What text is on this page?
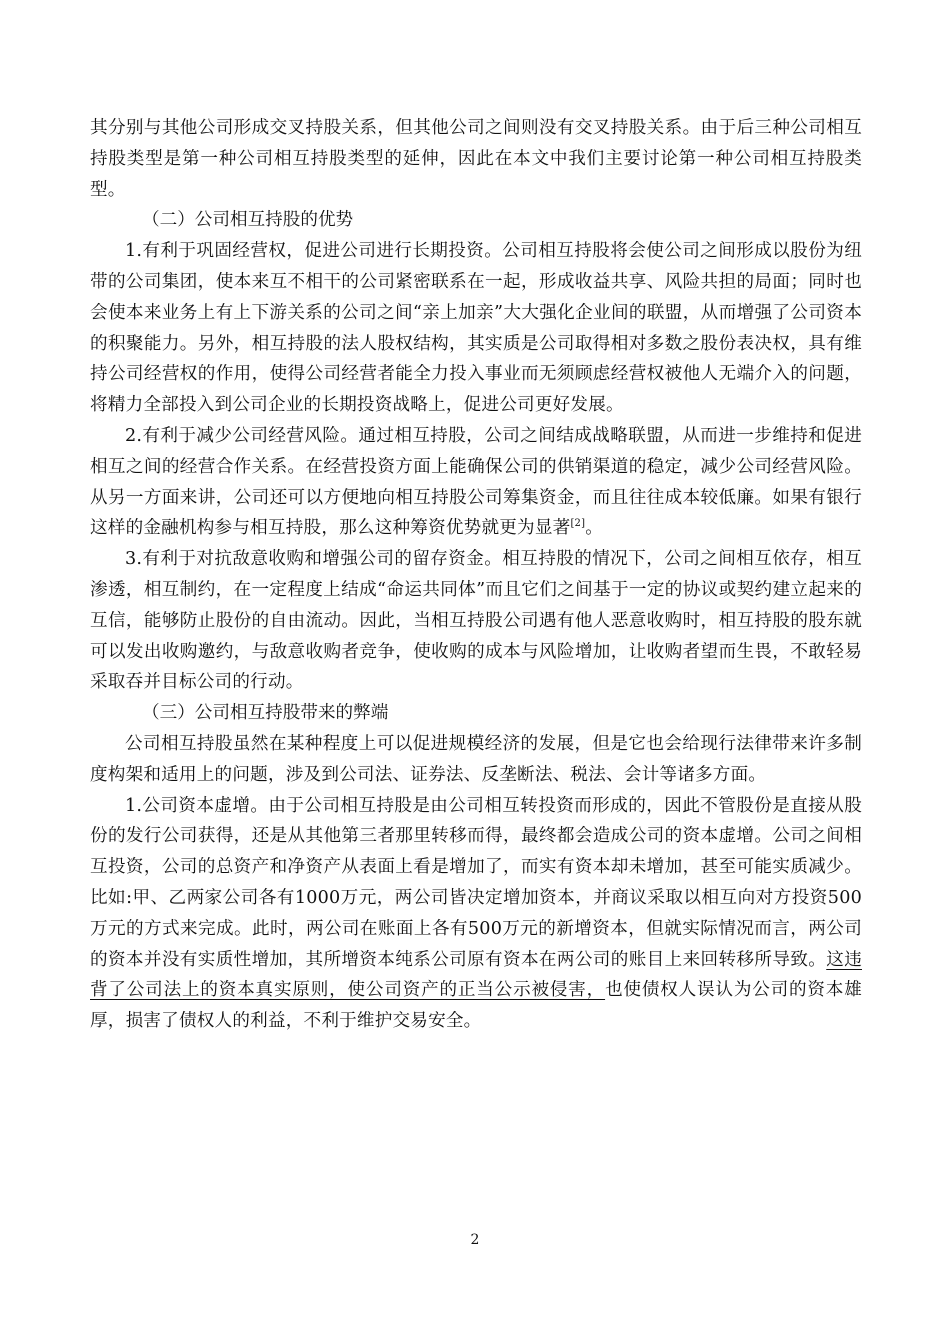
其分别与其他公司形成交叉持股关系，但其他公司之间则没有交叉持股关系。由于后三种公司相互持股类型是第一种公司相互持股类型的延伸，因此在本文中我们主要讨论第一种公司相互持股类型。

（二）公司相互持股的优势

1.有利于巩固经营权，促进公司进行长期投资。公司相互持股将会使公司之间形成以股份为纽带的公司集团，使本来互不相干的公司紧密联系在一起，形成收益共享、风险共担的局面；同时也会使本来业务上有上下游关系的公司之间“亲上加亲”大大强化企业间的联盟，从而增强了公司资本的积聚能力。另外，相互持股的法人股权结构，其实质是公司取得相对多数之股份表决权，具有维持公司经营权的作用，使得公司经营者能全力投入事业而无须顾虑经营权被他人无端介入的问题，将精力全部投入到公司企业的长期投资战略上，促进公司更好发展。

2.有利于减少公司经营风险。通过相互持股，公司之间结成战略联盟，从而进一步维持和促进相互之间的经营合作关系。在经营投资方面上能确保公司的供销渠道的稳定，减少公司经营风险。从另一方面来讲，公司还可以方便地向相互持股公司筹集资金，而且往往成本较低廉。如果有银行这样的金融机构参与相互持股，那么这种筹资优势就更为显著[2]。

3.有利于对抗敌意收购和增强公司的留存资金。相互持股的情况下，公司之间相互依存，相互渗透，相互制约，在一定程度上结成“命运共同体”而且它们之间基于一定的协议或契约建立起来的互信，能够防止股份的自由流动。因此，当相互持股公司遇有他人恶意收购时，相互持股的股东就可以发出收购邀约，与敌意收购者竞争，使收购的成本与风险增加，让收购者望而生畏，不敢轻易采取吞并目标公司的行动。

（三）公司相互持股带来的弊端

公司相互持股虽然在某种程度上可以促进规模经济的发展，但是它也会给现行法律带来许多制度构架和适用上的问题，涉及到公司法、证券法、反垄断法、税法、会计等诸多方面。

1.公司资本虚增。由于公司相互持股是由公司相互转投资而形成的，因此不管股份是直接从股份的发行公司获得，还是从其他第三者那里转移而得，最终都会造成公司的资本虚增。公司之间相互投资，公司的总资产和净资产从表面上看是增加了，而实有资本却未增加，甚至可能实质减少。比如:甲、乙两家公司各有1000万元，两公司皆决定增加资本，并商议采取以相互向对方投资500万元的方式来完成。此时，两公司在账面上各有500万元的新增资本，但就实际情况而言，两公司的资本并没有实质性增加，其所增资本纯系公司原有资本在两公司的账目上来回转移所导致。这违背了公司法上的资本真实原则，使公司资产的正当公示被侵害，也使债权人误认为公司的资本雄厚，损害了债权人的利益，不利于维护交易安全。

2
